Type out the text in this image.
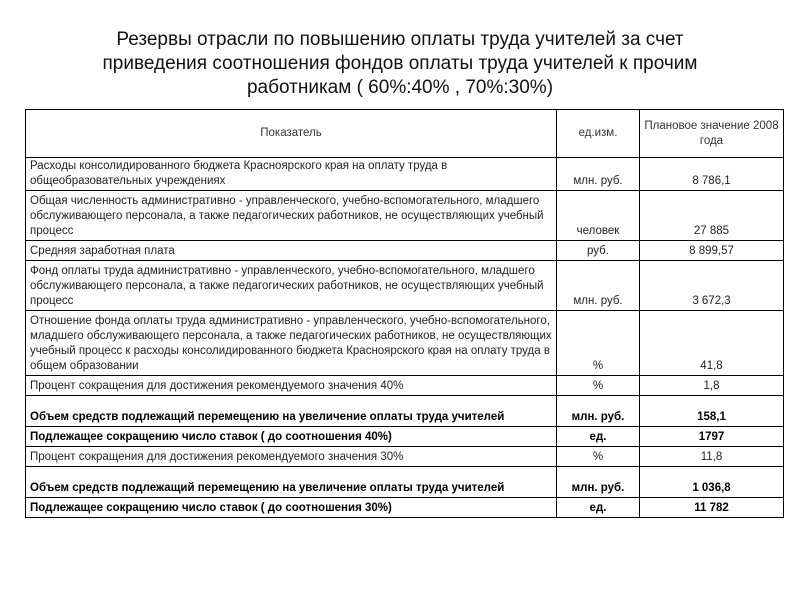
Резервы отрасли по повышению оплаты труда учителей за счет
приведения соотношения фондов оплаты труда учителей к прочим
работникам ( 60%:40% , 70%:30%)
Показатель	ед.изм.	Плановое значение 2008 года
Расходы консолидированного бюджета Красноярского края на оплату труда в общеобразовательных учреждениях	млн. руб.	8 786,1
Общая численность административно - управленческого, учебно-вспомогательного, младшего обслуживающего персонала, а также педагогических работников, не осуществляющих учебный процесс	человек	27 885
Средняя заработная плата	руб.	8 899,57
Фонд оплаты труда административно - управленческого, учебно-вспомогательного, младшего обслуживающего персонала, а также педагогических работников, не осуществляющих учебный процесс	млн. руб.	3 672,3
Отношение фонда оплаты труда административно - управленческого, учебно-вспомогательного, младшего обслуживающего персонала, а также педагогических работников, не осуществляющих учебный процесс к расходы консолидированного бюджета Красноярского края на оплату труда в общем образовании	%	41,8
Процент сокращения для достижения рекомендуемого значения 40%	%	1,8
Объем средств подлежащий перемещению на увеличение оплаты труда учителей	млн. руб.	158,1
Подлежащее сокращению число ставок ( до соотношения 40%)	ед.	1797
Процент сокращения для достижения рекомендуемого значения 30%	%	11,8
Объем средств подлежащий перемещению на увеличение оплаты труда учителей	млн. руб.	1 036,8
Подлежащее сокращению число ставок ( до соотношения 30%)	ед.	11 782
